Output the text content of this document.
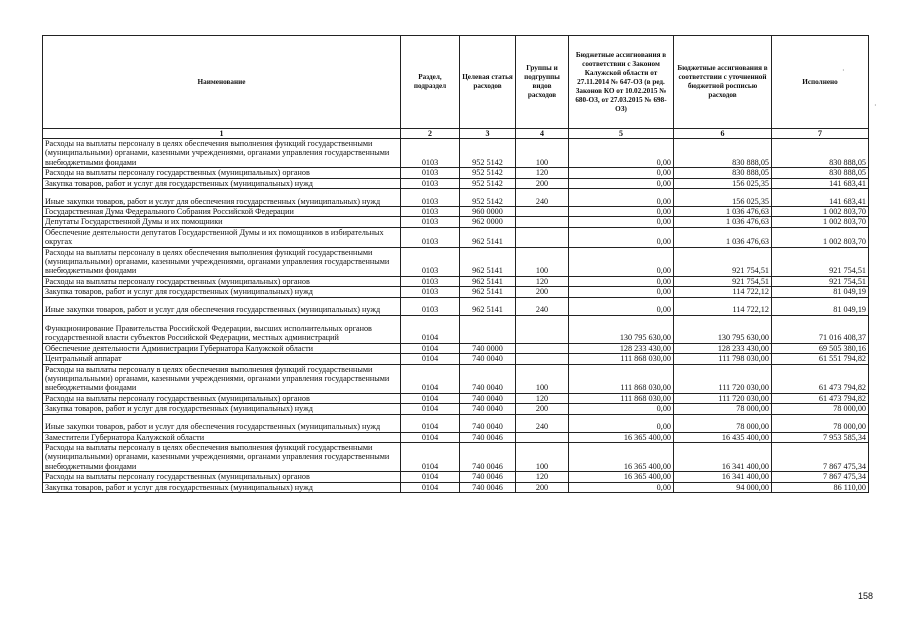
Наименование	Раздел, подраздел	Целевая статья расходов	Группы и подгруппы видов расходов	Бюджетные ассигнования в соответствии с Законом Калужской области от 27.11.2014 № 647-ОЗ (в ред. Законов КО от 10.02.2015 № 680-ОЗ, от 27.03.2015 № 698-ОЗ)	Бюджетные ассигнования в соответствии с уточненной бюджетной росписью расходов	Исполнено
1	2	3	4	5	6	7
Расходы на выплаты персоналу в целях обеспечения выполнения функций государственными (муниципальными) органами, казенными учреждениями, органами управления государственными внебюджетными фондами	0103	952 5142	100	0,00	830 888,05	830 888,05
Расходы на выплаты персоналу государственных (муниципальных) органов	0103	952 5142	120	0,00	830 888,05	830 888,05
Закупка товаров, работ и услуг для государственных (муниципальных) нужд	0103	952 5142	200	0,00	156 025,35	141 683,41
Иные закупки товаров, работ и услуг для обеспечения государственных (муниципальных) нужд	0103	952 5142	240	0,00	156 025,35	141 683,41
Государственная Дума Федерального Собрания Российской Федерации	0103	960 0000		0,00	1 036 476,63	1 002 803,70
Депутаты Государственной Думы и их помощники	0103	962 0000		0,00	1 036 476,63	1 002 803,70
Обеспечение деятельности депутатов Государственной Думы и их помощников в избирательных округах	0103	962 5141		0,00	1 036 476,63	1 002 803,70
Расходы на выплаты персоналу в целях обеспечения выполнения функций государственными (муниципальными) органами, казенными учреждениями, органами управления государственными внебюджетными фондами	0103	962 5141	100	0,00	921 754,51	921 754,51
Расходы на выплаты персоналу государственных (муниципальных) органов	0103	962 5141	120	0,00	921 754,51	921 754,51
Закупка товаров, работ и услуг для государственных (муниципальных) нужд	0103	962 5141	200	0,00	114 722,12	81 049,19
Иные закупки товаров, работ и услуг для обеспечения государственных (муниципальных) нужд	0103	962 5141	240	0,00	114 722,12	81 049,19
Функционирование Правительства Российской Федерации, высших исполнительных органов государственной власти субъектов Российской Федерации, местных администраций	0104			130 795 630,00	130 795 630,00	71 016 408,37
Обеспечение деятельности Администрации Губернатора Калужской области	0104	740 0000		128 233 430,00	128 233 430,00	69 505 380,16
Центральный аппарат	0104	740 0040		111 868 030,00	111 798 030,00	61 551 794,82
Расходы на выплаты персоналу в целях обеспечения выполнения функций государственными (муниципальными) органами, казенными учреждениями, органами управления государственными внебюджетными фондами	0104	740 0040	100	111 868 030,00	111 720 030,00	61 473 794,82
Расходы на выплаты персоналу государственных (муниципальных) органов	0104	740 0040	120	111 868 030,00	111 720 030,00	61 473 794,82
Закупка товаров, работ и услуг для государственных (муниципальных) нужд	0104	740 0040	200	0,00	78 000,00	78 000,00
Иные закупки товаров, работ и услуг для обеспечения государственных (муниципальных) нужд	0104	740 0040	240	0,00	78 000,00	78 000,00
Заместители Губернатора Калужской области	0104	740 0046		16 365 400,00	16 435 400,00	7 953 585,34
Расходы на выплаты персоналу в целях обеспечения выполнения функций государственными (муниципальными) органами, казенными учреждениями, органами управления государственными внебюджетными фондами	0104	740 0046	100	16 365 400,00	16 341 400,00	7 867 475,34
Расходы на выплаты персоналу государственных (муниципальных) органов	0104	740 0046	120	16 365 400,00	16 341 400,00	7 867 475,34
Закупка товаров, работ и услуг для государственных (муниципальных) нужд	0104	740 0046	200	0,00	94 000,00	86 110,00
158
·
·
